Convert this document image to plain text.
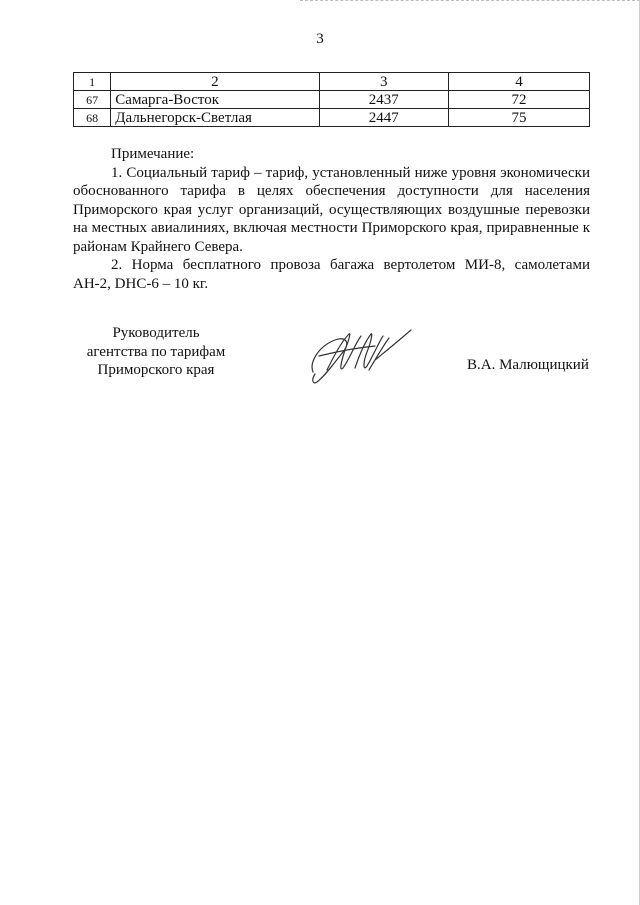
3
1	2	3	4
67	Самарга-Восток	2437	72
68	Дальнегорск-Светлая	2447	75
Примечание:

1. Социальный тариф – тариф, установленный ниже уровня экономически обоснованного тарифа в целях обеспечения доступности для населения Приморского края услуг организаций, осуществляющих воздушные перевозки на местных авиалиниях, включая местности Приморского края, приравненные к районам Крайнего Севера.

2. Норма бесплатного провоза багажа вертолетом МИ-8, самолетами АН-2, DHC-6 – 10 кг.

Руководитель
агентства по тарифам
Приморского края	В.А. Малющицкий
